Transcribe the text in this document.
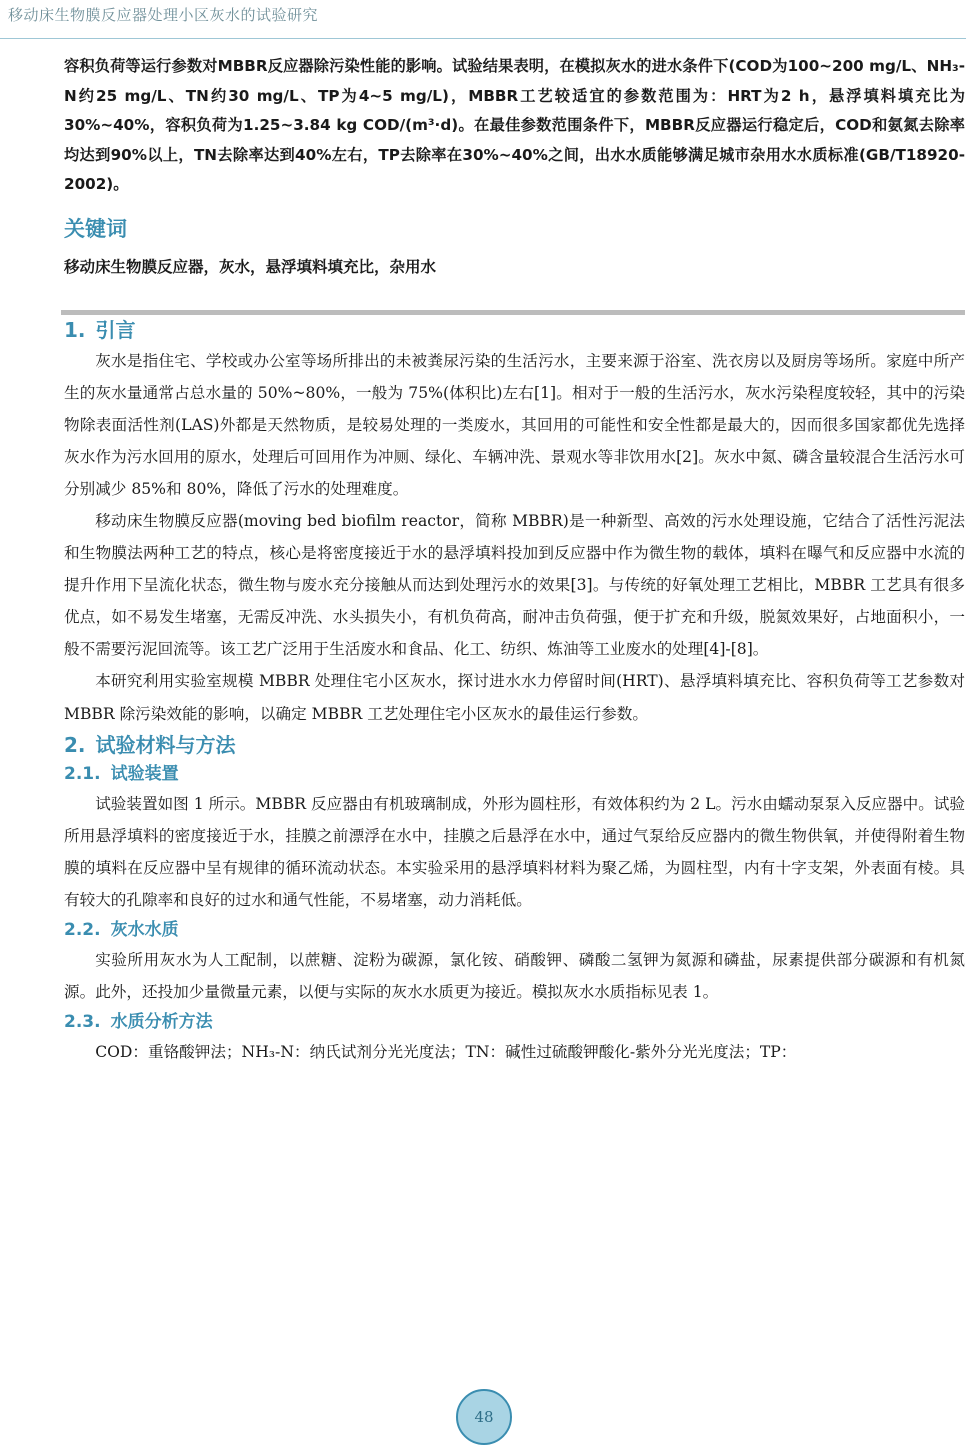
移动床生物膜反应器处理小区灰水的试验研究

容积负荷等运行参数对MBBR反应器除污染性能的影响。试验结果表明，在模拟灰水的进水条件下(COD为100~200 mg/L、NH₃-N约25 mg/L、TN约30 mg/L、TP为4~5 mg/L)，MBBR工艺较适宜的参数范围为：HRT为2 h，悬浮填料填充比为30%~40%，容积负荷为1.25~3.84 kg COD/(m³·d)。在最佳参数范围条件下，MBBR反应器运行稳定后，COD和氨氮去除率均达到90%以上，TN去除率达到40%左右，TP去除率在30%~40%之间，出水水质能够满足城市杂用水水质标准(GB/T18920-2002)。

关键词

移动床生物膜反应器，灰水，悬浮填料填充比，杂用水

1. 引言

灰水是指住宅、学校或办公室等场所排出的未被粪尿污染的生活污水，主要来源于浴室、洗衣房以及厨房等场所。家庭中所产生的灰水量通常占总水量的 50%~80%，一般为 75%(体积比)左右[1]。相对于一般的生活污水，灰水污染程度较轻，其中的污染物除表面活性剂(LAS)外都是天然物质，是较易处理的一类废水，其回用的可能性和安全性都是最大的，因而很多国家都优先选择灰水作为污水回用的原水，处理后可回用作为冲厕、绿化、车辆冲洗、景观水等非饮用水[2]。灰水中氮、磷含量较混合生活污水可分别减少 85%和 80%，降低了污水的处理难度。

移动床生物膜反应器(moving bed biofilm reactor，简称 MBBR)是一种新型、高效的污水处理设施，它结合了活性污泥法和生物膜法两种工艺的特点，核心是将密度接近于水的悬浮填料投加到反应器中作为微生物的载体，填料在曝气和反应器中水流的提升作用下呈流化状态，微生物与废水充分接触从而达到处理污水的效果[3]。与传统的好氧处理工艺相比，MBBR 工艺具有很多优点，如不易发生堵塞，无需反冲洗、水头损失小，有机负荷高，耐冲击负荷强，便于扩充和升级，脱氮效果好，占地面积小，一般不需要污泥回流等。该工艺广泛用于生活废水和食品、化工、纺织、炼油等工业废水的处理[4]-[8]。

本研究利用实验室规模 MBBR 处理住宅小区灰水，探讨进水水力停留时间(HRT)、悬浮填料填充比、容积负荷等工艺参数对 MBBR 除污染效能的影响，以确定 MBBR 工艺处理住宅小区灰水的最佳运行参数。

2. 试验材料与方法
2.1. 试验装置

试验装置如图 1 所示。MBBR 反应器由有机玻璃制成，外形为圆柱形，有效体积约为 2 L。污水由蠕动泵泵入反应器中。试验所用悬浮填料的密度接近于水，挂膜之前漂浮在水中，挂膜之后悬浮在水中，通过气泵给反应器内的微生物供氧，并使得附着生物膜的填料在反应器中呈有规律的循环流动状态。本实验采用的悬浮填料材料为聚乙烯，为圆柱型，内有十字支架，外表面有棱。具有较大的孔隙率和良好的过水和通气性能，不易堵塞，动力消耗低。

2.2. 灰水水质

实验所用灰水为人工配制，以蔗糖、淀粉为碳源，氯化铵、硝酸钾、磷酸二氢钾为氮源和磷盐，尿素提供部分碳源和有机氮源。此外，还投加少量微量元素，以便与实际的灰水水质更为接近。模拟灰水水质指标见表 1。

2.3. 水质分析方法

COD：重铬酸钾法；NH₃-N：纳氏试剂分光光度法；TN：碱性过硫酸钾酸化-紫外分光光度法；TP：

48
